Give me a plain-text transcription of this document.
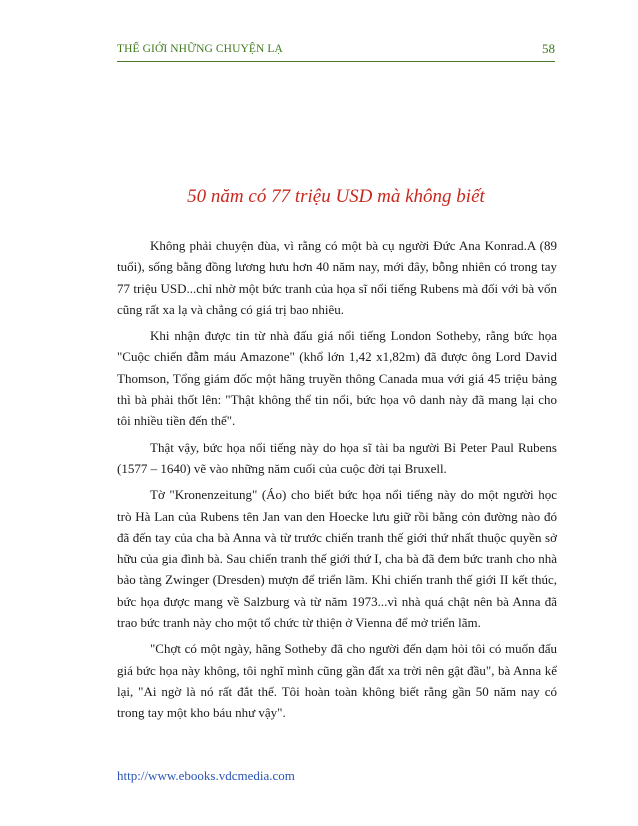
THẾ GIỚI NHỮNG CHUYỆN LẠ	58
50 năm có 77 triệu USD mà không biết

Không phải chuyện đùa, vì rằng có một bà cụ người Đức Ana Konrad.A (89 tuổi), sống bằng đồng lương hưu hơn 40 năm nay, mới đây, bỗng nhiên có trong tay 77 triệu USD...chỉ nhờ một bức tranh của họa sĩ nổi tiếng Rubens mà đối với bà vốn cũng rất xa lạ và chẳng có giá trị bao nhiêu.

Khi nhận được tin từ nhà đấu giá nổi tiếng London Sotheby, rằng bức họa "Cuộc chiến đẫm máu Amazone" (khổ lớn 1,42 x1,82m) đã được ông Lord David Thomson, Tổng giám đốc một hãng truyền thông Canada mua với giá 45 triệu bảng thì bà phải thốt lên: "Thật không thể tin nổi, bức họa vô danh này đã mang lại cho tôi nhiều tiền đến thế".

Thật vậy, bức họa nổi tiếng này do họa sĩ tài ba người Bỉ Peter Paul Rubens (1577 – 1640) vẽ vào những năm cuối của cuộc đời tại Bruxell.

Tờ "Kronenzeitung" (Áo) cho biết bức họa nổi tiếng này do một người học trò Hà Lan của Rubens tên Jan van den Hoecke lưu giữ rồi bằng cỏn đường nào đó đã đến tay của cha bà Anna và từ trước chiến tranh thế giới thứ nhất thuộc quyền sở hữu của gia đình bà. Sau chiến tranh thế giới thứ I, cha bà đã đem bức tranh cho nhà bảo tàng Zwinger (Dresden) mượn để triển lãm. Khi chiến tranh thế giới II kết thúc, bức họa được mang về Salzburg và từ năm 1973...vì nhà quá chật nên bà Anna đã trao bức tranh này cho một tổ chức từ thiện ở Vienna để mở triển lãm.

"Chợt có một ngày, hãng Sotheby đã cho người đến dạm hỏi tôi có muốn đấu giá bức họa này không, tôi nghĩ mình cũng gần đất xa trời nên gật đầu", bà Anna kể lại, "Ai ngờ là nó rất đắt thế. Tôi hoàn toàn không biết rằng gần 50 năm nay có trong tay một kho báu như vậy".

http://www.ebooks.vdcmedia.com
